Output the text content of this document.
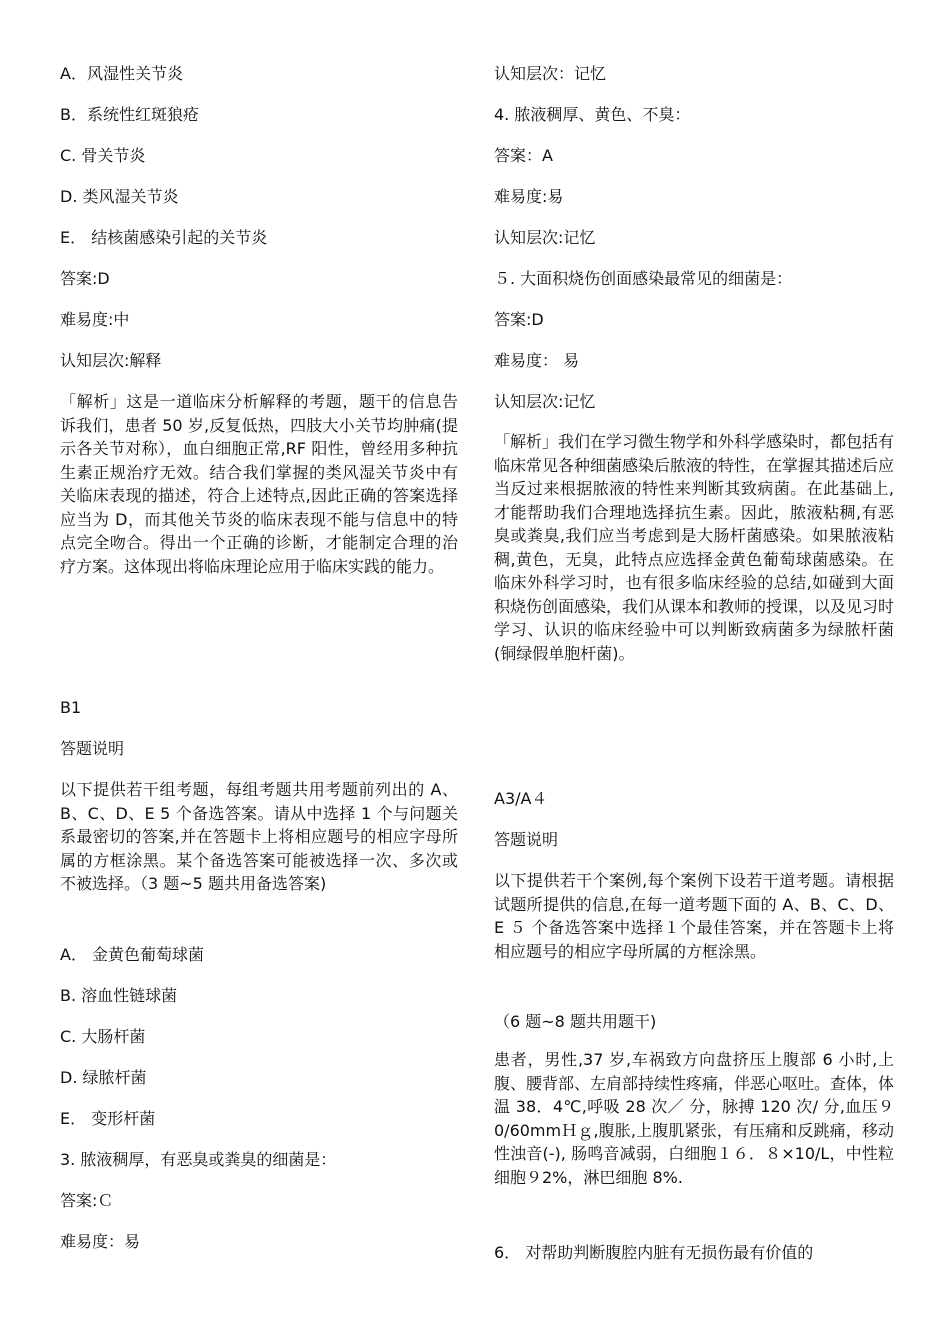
A．风湿性关节炎
B．系统性红斑狼疮
C. 骨关节炎
D. 类风湿关节炎
E． 结核菌感染引起的关节炎
答案:D
难易度:中
认知层次:解释
「解析」这是一道临床分析解释的考题，题干的信息告诉我们，患者 50 岁,反复低热，四肢大小关节均肿痛(提示各关节对称），血白细胞正常,RF 阳性，曾经用多种抗生素正规治疗无效。结合我们掌握的类风湿关节炎中有关临床表现的描述，符合上述特点,因此正确的答案选择应当为 D，而其他关节炎的临床表现不能与信息中的特点完全吻合。得出一个正确的诊断，才能制定合理的治疗方案。这体现出将临床理论应用于临床实践的能力。
B1
答题说明
以下提供若干组考题，每组考题共用考题前列出的 A、B、C、D、E 5 个备选答案。请从中选择 1 个与问题关系最密切的答案,并在答题卡上将相应题号的相应字母所属的方框涂黑。某个备选答案可能被选择一次、多次或不被选择。（3 题~5 题共用备选答案)
A． 金黄色葡萄球菌
B. 溶血性链球菌
C. 大肠杆菌
D. 绿脓杆菌
E． 变形杆菌
3. 脓液稠厚，有恶臭或粪臭的细菌是：
答案:Ｃ
难易度：易
认知层次：记忆
4. 脓液稠厚、黄色、不臭：
答案：A
难易度:易
认知层次:记忆
５. 大面积烧伤创面感染最常见的细菌是：
答案:D
难易度： 易
认知层次:记忆
「解析」我们在学习微生物学和外科学感染时，都包括有临床常见各种细菌感染后脓液的特性，在掌握其描述后应当反过来根据脓液的特性来判断其致病菌。在此基础上,才能帮助我们合理地选择抗生素。因此，脓液粘稠,有恶臭或粪臭,我们应当考虑到是大肠杆菌感染。如果脓液粘稠,黄色，无臭，此特点应选择金黄色葡萄球菌感染。在临床外科学习时，也有很多临床经验的总结,如碰到大面积烧伤创面感染，我们从课本和教师的授课，以及见习时学习、认识的临床经验中可以判断致病菌多为绿脓杆菌(铜绿假单胞杆菌)。
A3/A４
答题说明
以下提供若干个案例,每个案例下设若干道考题。请根据试题所提供的信息,在每一道考题下面的 A、B、C、D、E ５ 个备选答案中选择１个最佳答案，并在答题卡上将相应题号的相应字母所属的方框涂黑。
（6 题~8 题共用题干)
患者，男性,37 岁,车祸致方向盘挤压上腹部 6 小时,上腹、腰背部、左肩部持续性疼痛，伴恶心呕吐。查体，体温 38．4℃,呼吸 28 次／ 分，脉搏 120 次/ 分,血压９ 0/60mmＨｇ,腹胀,上腹肌紧张，有压痛和反跳痛，移动性浊音(-), 肠鸣音减弱，白细胞１６．８×10/L，中性粒细胞９2%，淋巴细胞 8%.
6． 对帮助判断腹腔内脏有无损伤最有价值的
